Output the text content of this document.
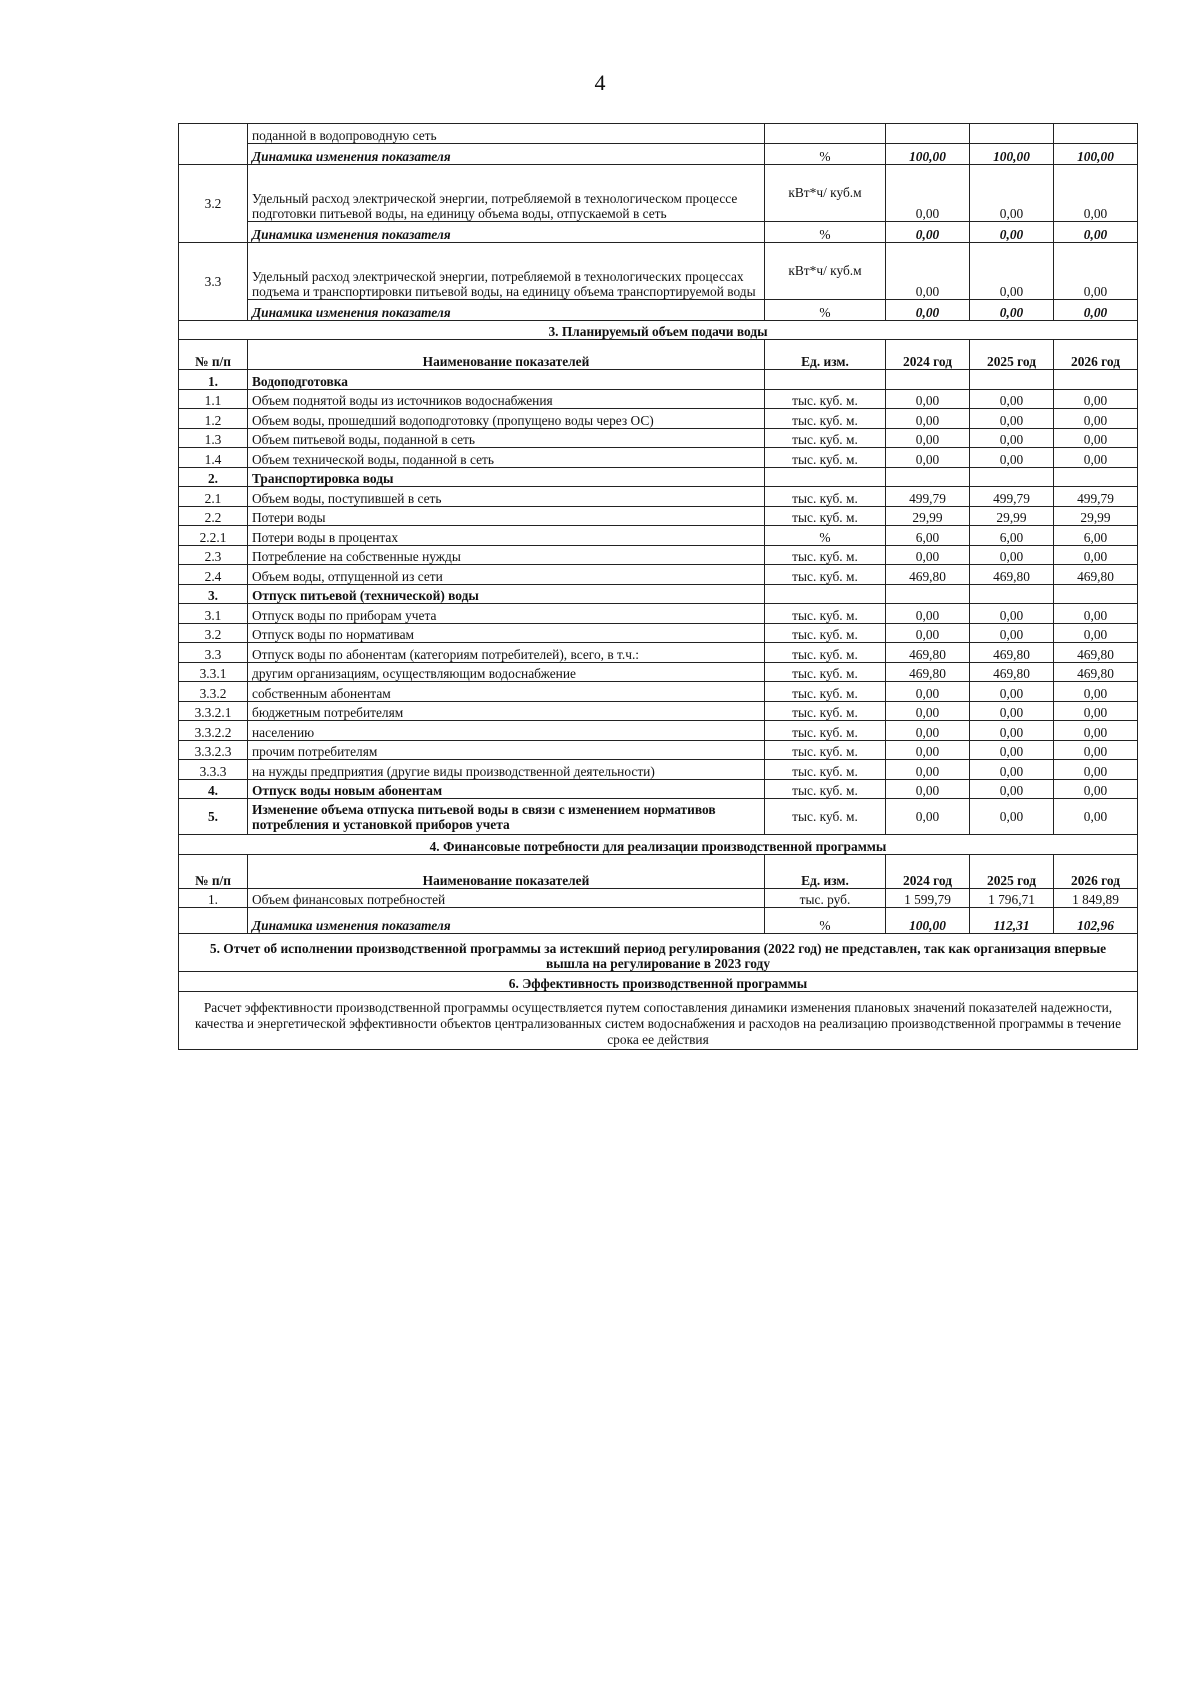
4
	поданной в водопроводную сеть				
	Динамика изменения показателя	%	100,00	100,00	100,00
3.2	Удельный расход электрической энергии, потребляемой в технологическом процессе подготовки питьевой воды, на единицу объема воды, отпускаемой в сеть	кВт*ч/ куб.м	0,00	0,00	0,00
	Динамика изменения показателя	%	0,00	0,00	0,00
3.3	Удельный расход электрической энергии, потребляемой в технологических процессах подъема и транспортировки питьевой воды, на единицу объема транспортируемой воды	кВт*ч/ куб.м	0,00	0,00	0,00
	Динамика изменения показателя	%	0,00	0,00	0,00
3. Планируемый объем подачи воды					
№ п/п	Наименование показателей	Ед. изм.	2024 год	2025 год	2026 год
1.	Водоподготовка				
1.1	Объем поднятой воды из источников водоснабжения	тыс. куб. м.	0,00	0,00	0,00
1.2	Объем воды, прошедший водоподготовку (пропущено воды через ОС)	тыс. куб. м.	0,00	0,00	0,00
1.3	Объем питьевой воды, поданной в сеть	тыс. куб. м.	0,00	0,00	0,00
1.4	Объем технической воды, поданной в сеть	тыс. куб. м.	0,00	0,00	0,00
2.	Транспортировка воды				
2.1	Объем воды, поступившей в сеть	тыс. куб. м.	499,79	499,79	499,79
2.2	Потери воды	тыс. куб. м.	29,99	29,99	29,99
2.2.1	Потери воды в процентах	%	6,00	6,00	6,00
2.3	Потребление на собственные нужды	тыс. куб. м.	0,00	0,00	0,00
2.4	Объем воды, отпущенной из сети	тыс. куб. м.	469,80	469,80	469,80
3.	Отпуск питьевой (технической) воды				
3.1	Отпуск воды по приборам учета	тыс. куб. м.	0,00	0,00	0,00
3.2	Отпуск воды по нормативам	тыс. куб. м.	0,00	0,00	0,00
3.3	Отпуск воды по абонентам (категориям потребителей), всего, в т.ч.:	тыс. куб. м.	469,80	469,80	469,80
3.3.1	другим организациям, осуществляющим водоснабжение	тыс. куб. м.	469,80	469,80	469,80
3.3.2	собственным абонентам	тыс. куб. м.	0,00	0,00	0,00
3.3.2.1	бюджетным потребителям	тыс. куб. м.	0,00	0,00	0,00
3.3.2.2	населению	тыс. куб. м.	0,00	0,00	0,00
3.3.2.3	прочим потребителям	тыс. куб. м.	0,00	0,00	0,00
3.3.3	на нужды предприятия (другие виды производственной деятельности)	тыс. куб. м.	0,00	0,00	0,00
4.	Отпуск воды новым абонентам	тыс. куб. м.	0,00	0,00	0,00
5.	Изменение объема отпуска питьевой воды в связи с изменением нормативов потребления и установкой приборов учета	тыс. куб. м.	0,00	0,00	0,00
4. Финансовые потребности для реализации производственной программы					
№ п/п	Наименование показателей	Ед. изм.	2024 год	2025 год	2026 год
1.	Объем финансовых потребностей	тыс. руб.	1 599,79	1 796,71	1 849,89
	Динамика изменения показателя	%	100,00	112,31	102,96
5. Отчет об исполнении производственной программы за истекший период регулирования (2022 год) не представлен, так как организация впервые вышла на регулирование в 2023 году					
6. Эффективность производственной программы					
Расчет эффективности производственной программы осуществляется путем сопоставления динамики изменения плановых значений показателей надежности, качества и энергетической эффективности объектов централизованных систем водоснабжения и расходов на реализацию производственной программы в течение срока ее действия					
